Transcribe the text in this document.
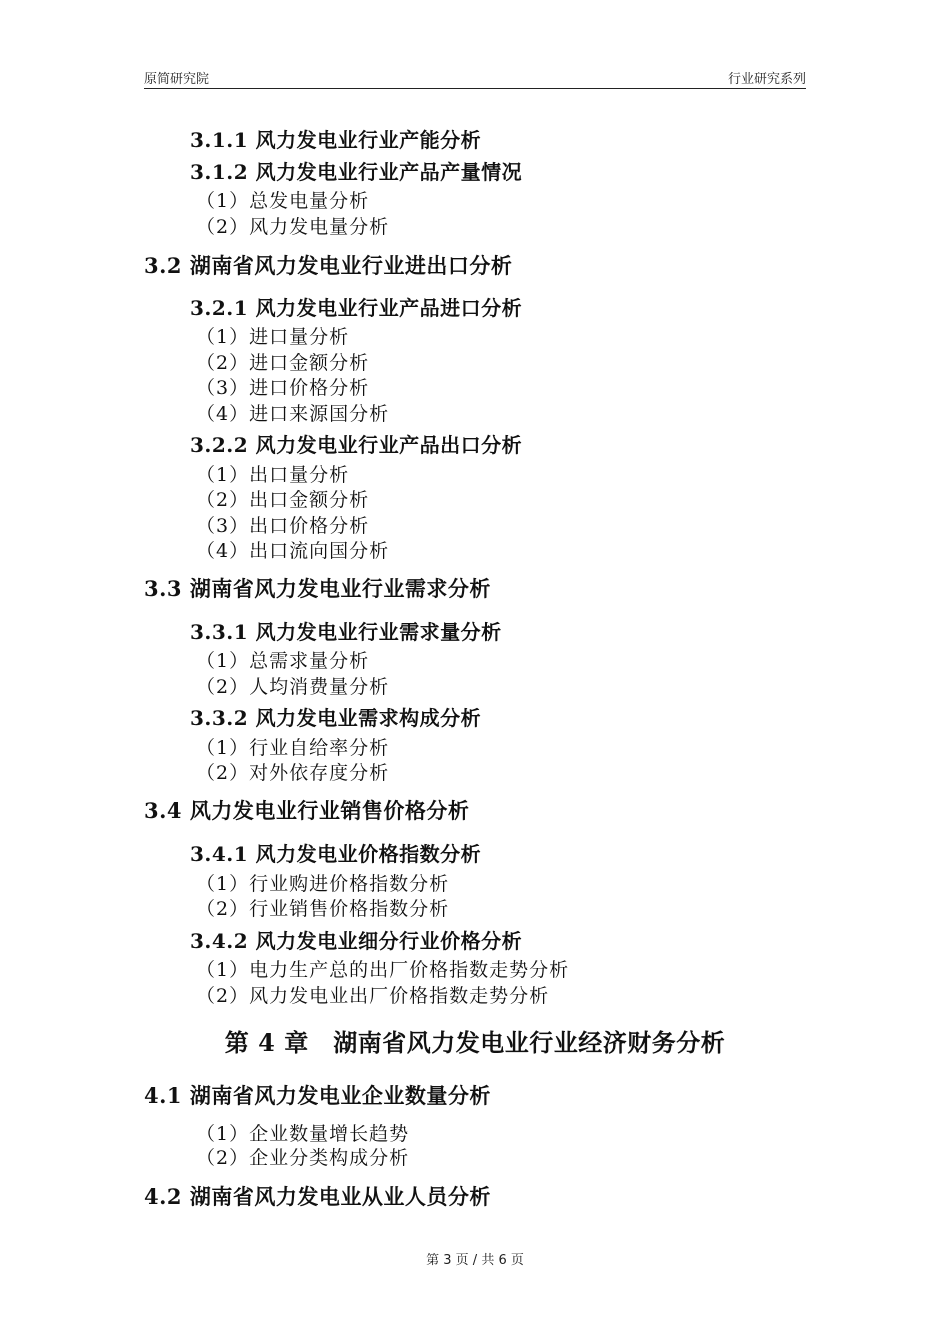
原简研究院	行业研究系列
3.1.1 风力发电业行业产能分析
3.1.2 风力发电业行业产品产量情况
（1）总发电量分析
（2）风力发电量分析
3.2 湖南省风力发电业行业进出口分析
3.2.1 风力发电业行业产品进口分析
（1）进口量分析
（2）进口金额分析
（3）进口价格分析
（4）进口来源国分析
3.2.2 风力发电业行业产品出口分析
（1）出口量分析
（2）出口金额分析
（3）出口价格分析
（4）出口流向国分析
3.3 湖南省风力发电业行业需求分析
3.3.1 风力发电业行业需求量分析
（1）总需求量分析
（2）人均消费量分析
3.3.2 风力发电业需求构成分析
（1）行业自给率分析
（2）对外依存度分析
3.4 风力发电业行业销售价格分析
3.4.1 风力发电业价格指数分析
（1）行业购进价格指数分析
（2）行业销售价格指数分析
3.4.2 风力发电业细分行业价格分析
（1）电力生产总的出厂价格指数走势分析
（2）风力发电业出厂价格指数走势分析
第 4 章　湖南省风力发电业行业经济财务分析
4.1 湖南省风力发电业企业数量分析
（1）企业数量增长趋势
（2）企业分类构成分析
4.2 湖南省风力发电业从业人员分析
第 3 页 / 共 6 页
